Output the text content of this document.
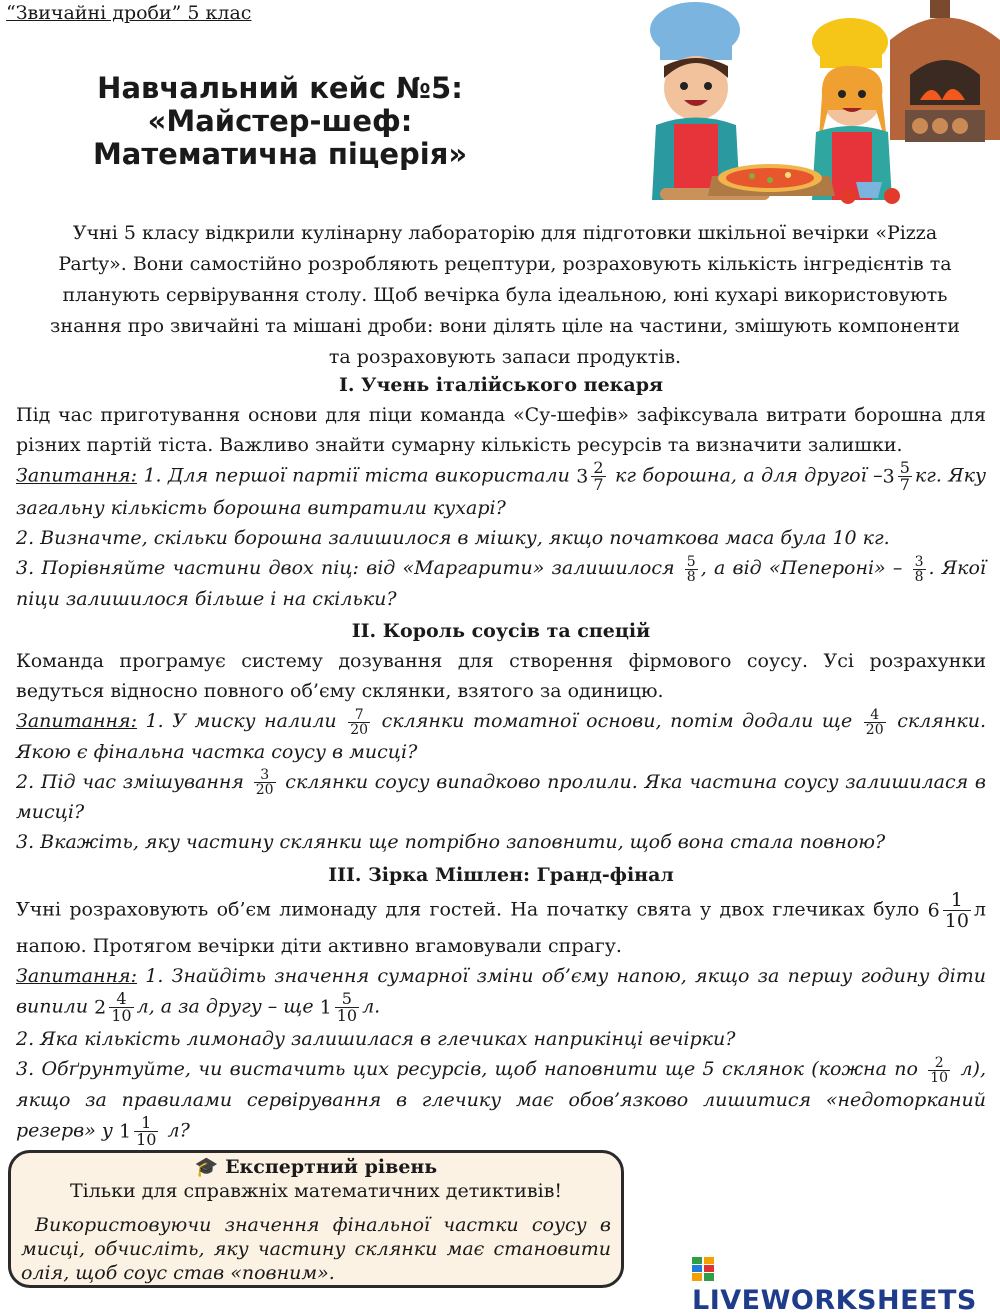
“Звичайні дроби” 5 клас
Навчальний кейс №5:
«Майстер-шеф:
Математична піцерія»
Учні 5 класу відкрили кулінарну лабораторію для підготовки шкільної вечірки «Pizza Party». Вони самостійно розробляють рецептури, розраховують кількість інгредієнтів та планують сервірування столу. Щоб вечірка була ідеальною, юні кухарі використовують знання про звичайні та мішані дроби: вони ділять ціле на частини, змішують компоненти та розраховують запаси продуктів.
І. Учень італійського пекаря
Під час приготування основи для піци команда «Су-шефів» зафіксувала витрати борошна для різних партій тіста. Важливо знайти сумарну кількість ресурсів та визначити залишки.
Запитання: 1. Для першої партії тіста використали $3 \frac{2}{7}$ кг борошна, а для другої $-3 \frac{5}{7}$ кг. Яку загальну кількість борошна витратили кухарі?
2. Визначте, скільки борошна залишилося в мішку, якщо початкова маса була 10 кг.
3. Порівняйте частини двох піц: від «Маргарити» залишилося $\frac{5}{8}$ , а від «Пепероні» – $\frac{3}{8}$ . Якої піци залишилося більше і на скільки?
ІІ. Король соусів та спецій
Команда програмує систему дозування для створення фірмового соусу. Усі розрахунки ведуться відносно повного об’єму склянки, взятого за одиницю.
Запитання: 1. У миску налили $\frac{7}{20}$ склянки томатної основи, потім додали ще $\frac{4}{20}$ склянки. Якою є фінальна частка соусу в мисці?
2. Під час змішування $\frac{3}{20}$ склянки соусу випадково пролили. Яка частина соусу залишилася в мисці?
3. Вкажіть, яку частину склянки ще потрібно заповнити, щоб вона стала повною?
ІІІ. Зірка Мішлен: Гранд-фінал
Учні розраховують об’єм лимонаду для гостей. На початку свята у двох глечиках було $6 \frac{1}{10}$ л напою. Протягом вечірки діти активно вгамовували спрагу.
Запитання: 1. Знайдіть значення сумарної зміни об’єму напою, якщо за першу годину діти випили $2 \frac{4}{10} л$, а за другу – ще $1 \frac{5}{10} л$.
2. Яка кількість лимонаду залишилася в глечиках наприкінці вечірки?
3. Обґрунтуйте, чи вистачить цих ресурсів, щоб наповнити ще 5 склянок (кожна по $\frac{2}{10} л$), якщо за правилами сервірування в глечику має обов’язково лишитися «недоторканий резерв» у $1 \frac{1}{10} л$?
🎓 Експертний рівень
Тільки для справжніх математичних детиктивів!
Використовуючи значення фінальної частки соусу в мисці, обчисліть, яку частину склянки має становити олія, щоб соус став «повним».
LIVEWORKSHEETS
